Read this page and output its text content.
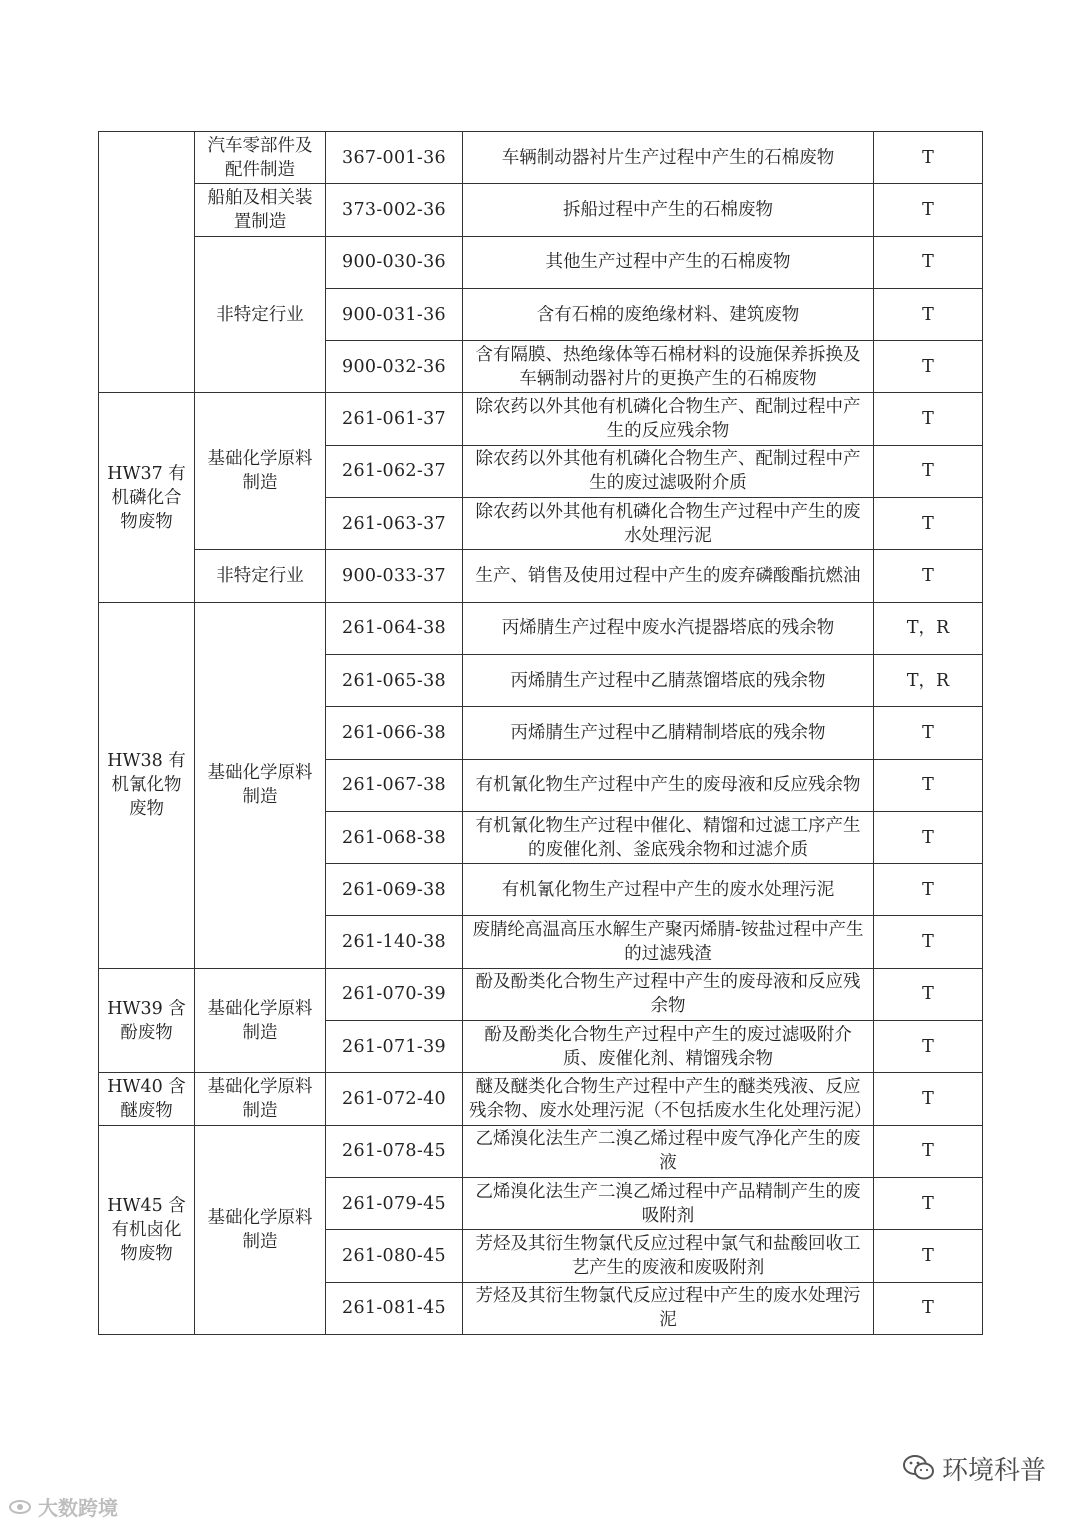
	汽车零部件及配件制造	367-001-36	车辆制动器衬片生产过程中产生的石棉废物	T
	船舶及相关装置制造	373-002-36	拆船过程中产生的石棉废物	T
	非特定行业	900-030-36	其他生产过程中产生的石棉废物	T
		900-031-36	含有石棉的废绝缘材料、建筑废物	T
		900-032-36	含有隔膜、热绝缘体等石棉材料的设施保养拆换及车辆制动器衬片的更换产生的石棉废物	T
HW37 有机磷化合物废物	基础化学原料制造	261-061-37	除农药以外其他有机磷化合物生产、配制过程中产生的反应残余物	T
		261-062-37	除农药以外其他有机磷化合物生产、配制过程中产生的废过滤吸附介质	T
		261-063-37	除农药以外其他有机磷化合物生产过程中产生的废水处理污泥	T
	非特定行业	900-033-37	生产、销售及使用过程中产生的废弃磷酸酯抗燃油	T
HW38 有机氰化物废物	基础化学原料制造	261-064-38	丙烯腈生产过程中废水汽提器塔底的残余物	T，R
		261-065-38	丙烯腈生产过程中乙腈蒸馏塔底的残余物	T，R
		261-066-38	丙烯腈生产过程中乙腈精制塔底的残余物	T
		261-067-38	有机氰化物生产过程中产生的废母液和反应残余物	T
		261-068-38	有机氰化物生产过程中催化、精馏和过滤工序产生的废催化剂、釜底残余物和过滤介质	T
		261-069-38	有机氰化物生产过程中产生的废水处理污泥	T
		261-140-38	废腈纶高温高压水解生产聚丙烯腈-铵盐过程中产生的过滤残渣	T
HW39 含酚废物	基础化学原料制造	261-070-39	酚及酚类化合物生产过程中产生的废母液和反应残余物	T
		261-071-39	酚及酚类化合物生产过程中产生的废过滤吸附介质、废催化剂、精馏残余物	T
HW40 含醚废物	基础化学原料制造	261-072-40	醚及醚类化合物生产过程中产生的醚类残液、反应残余物、废水处理污泥（不包括废水生化处理污泥）	T
HW45 含有机卤化物废物	基础化学原料制造	261-078-45	乙烯溴化法生产二溴乙烯过程中废气净化产生的废液	T
		261-079-45	乙烯溴化法生产二溴乙烯过程中产品精制产生的废吸附剂	T
		261-080-45	芳烃及其衍生物氯代反应过程中氯气和盐酸回收工艺产生的废液和废吸附剂	T
		261-081-45	芳烃及其衍生物氯代反应过程中产生的废水处理污泥	T
大数跨境
环境科普
